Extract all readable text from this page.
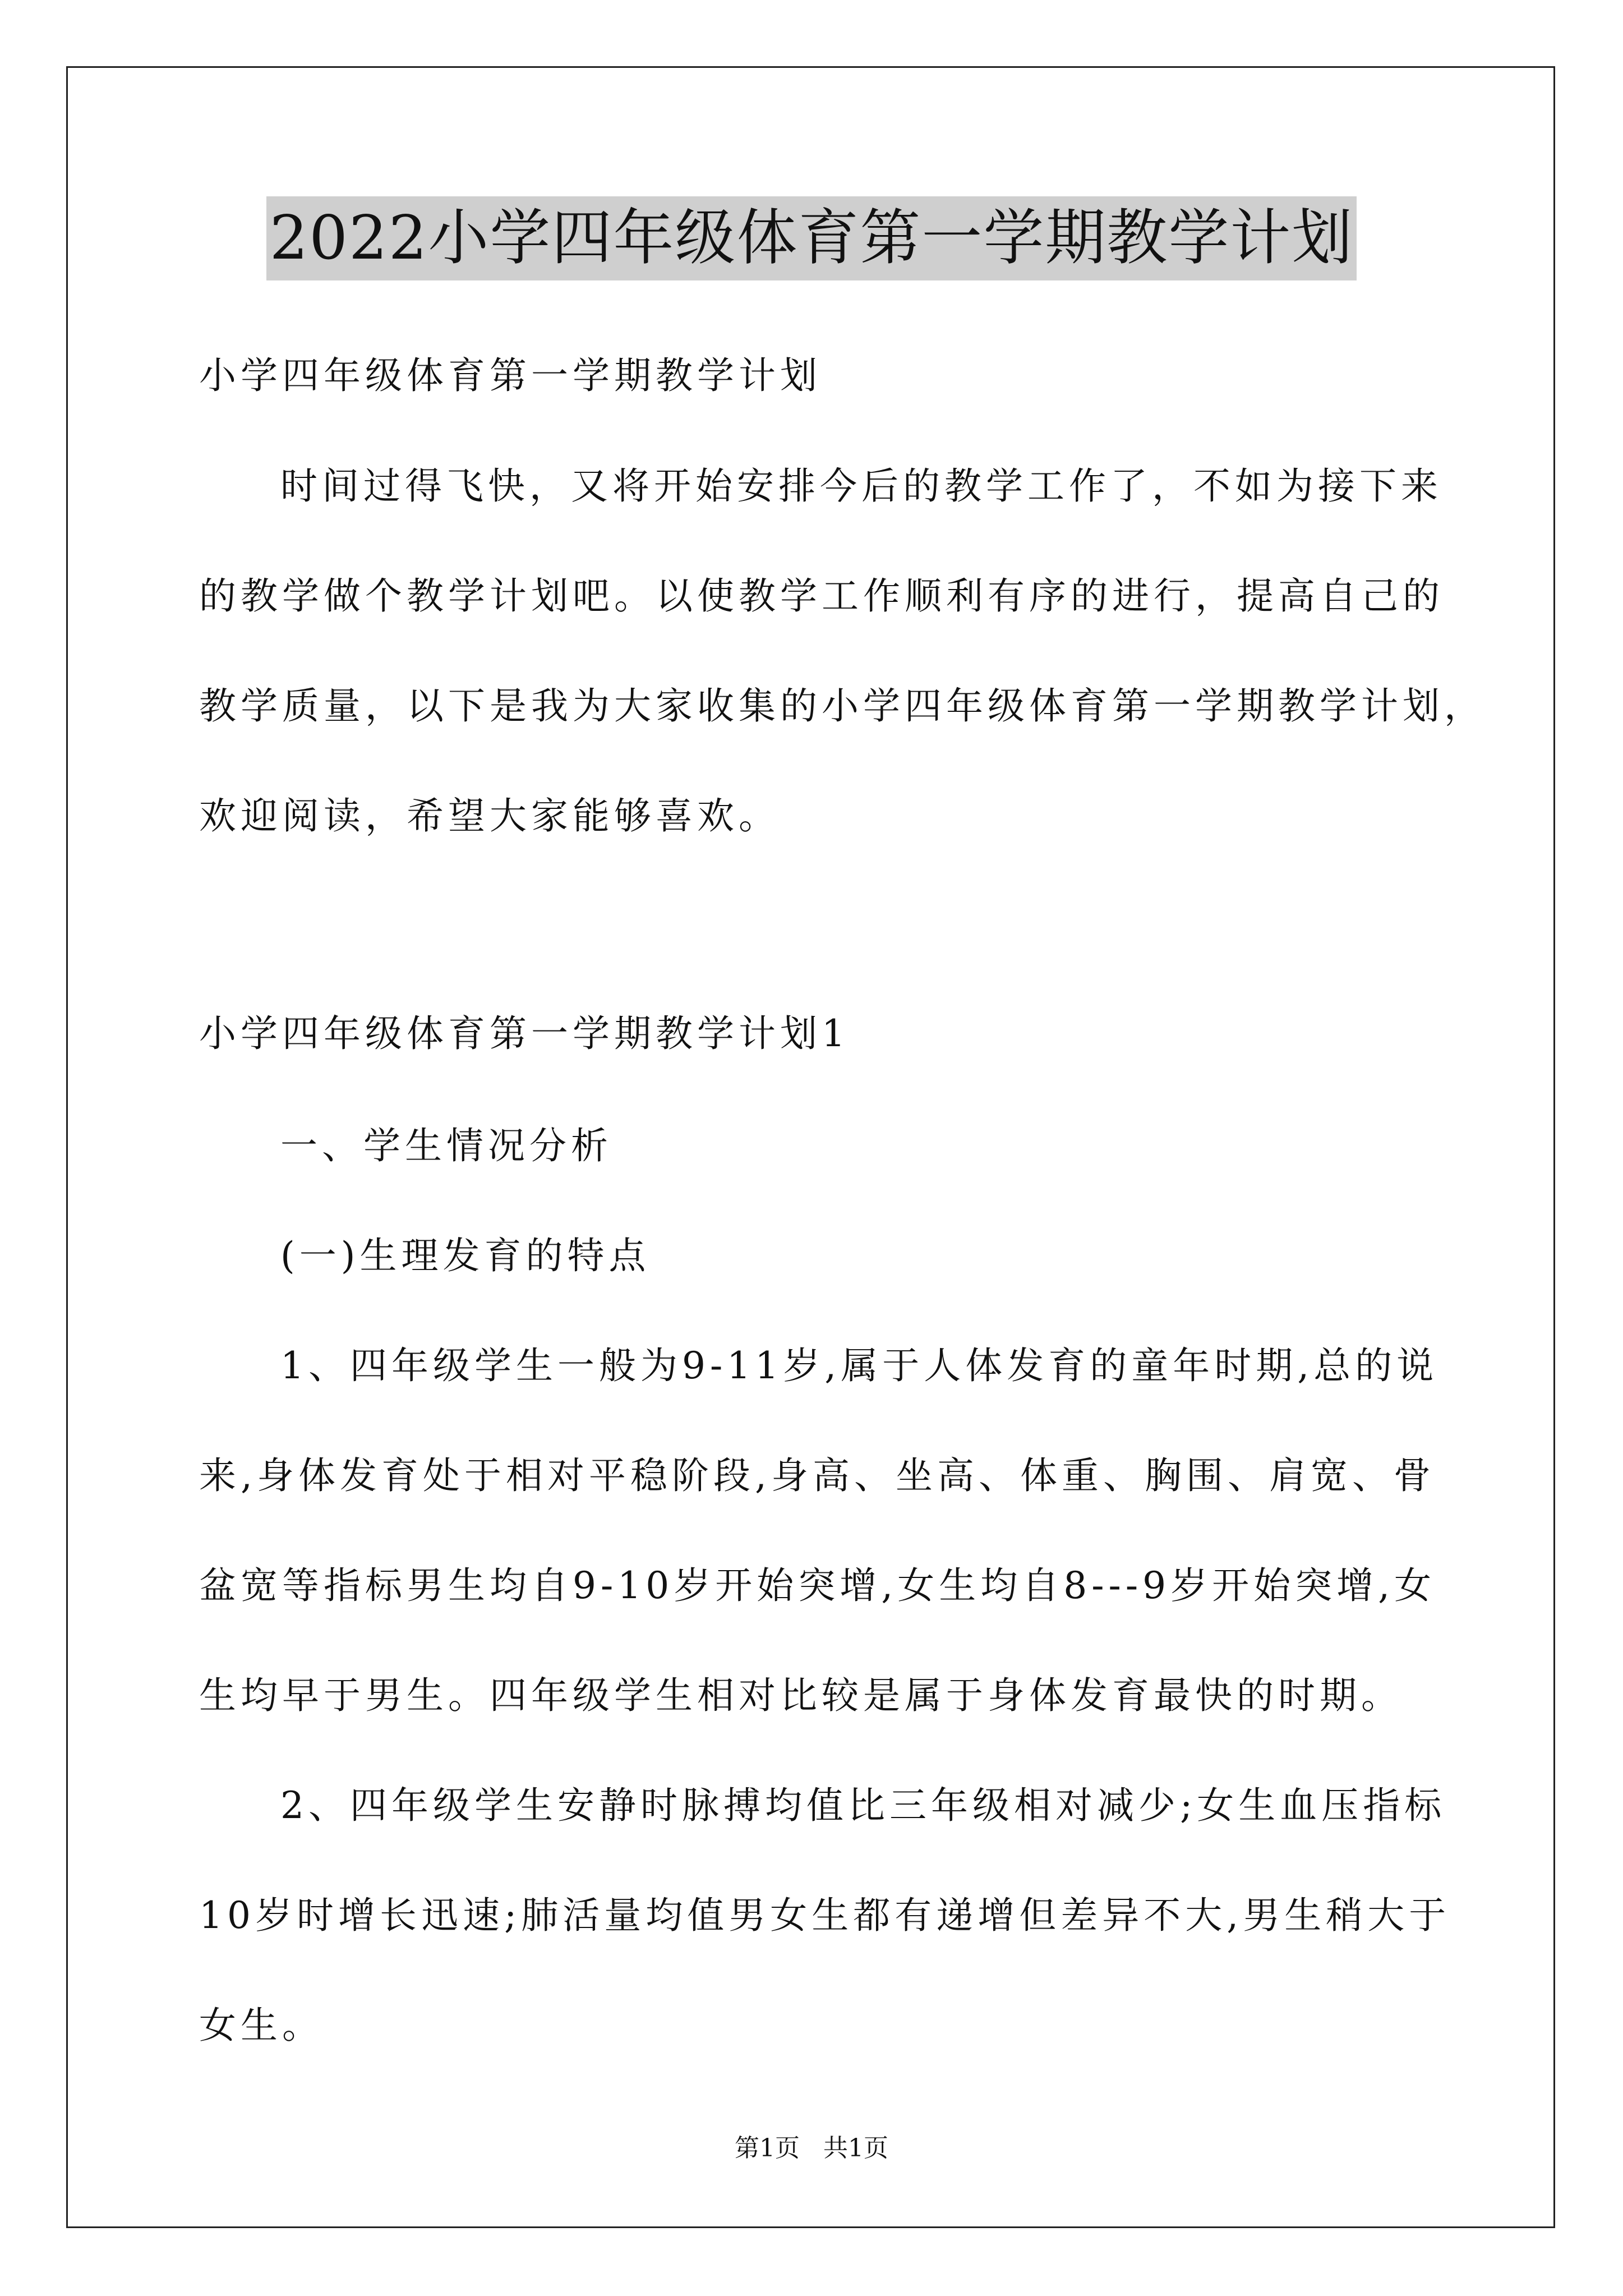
2022小学四年级体育第一学期教学计划
小学四年级体育第一学期教学计划
时间过得飞快，又将开始安排今后的教学工作了，不如为接下来
的教学做个教学计划吧。以使教学工作顺利有序的进行，提高自己的
教学质量，以下是我为大家收集的小学四年级体育第一学期教学计划，
欢迎阅读，希望大家能够喜欢。
小学四年级体育第一学期教学计划1
一、学生情况分析
(一)生理发育的特点
1、四年级学生一般为9-11岁,属于人体发育的童年时期,总的说
来,身体发育处于相对平稳阶段,身高、坐高、体重、胸围、肩宽、骨
盆宽等指标男生均自9-10岁开始突增,女生均自8---9岁开始突增,女
生均早于男生。四年级学生相对比较是属于身体发育最快的时期。
2、四年级学生安静时脉搏均值比三年级相对减少;女生血压指标
10岁时增长迅速;肺活量均值男女生都有递增但差异不大,男生稍大于
女生。
第1页   共1页
